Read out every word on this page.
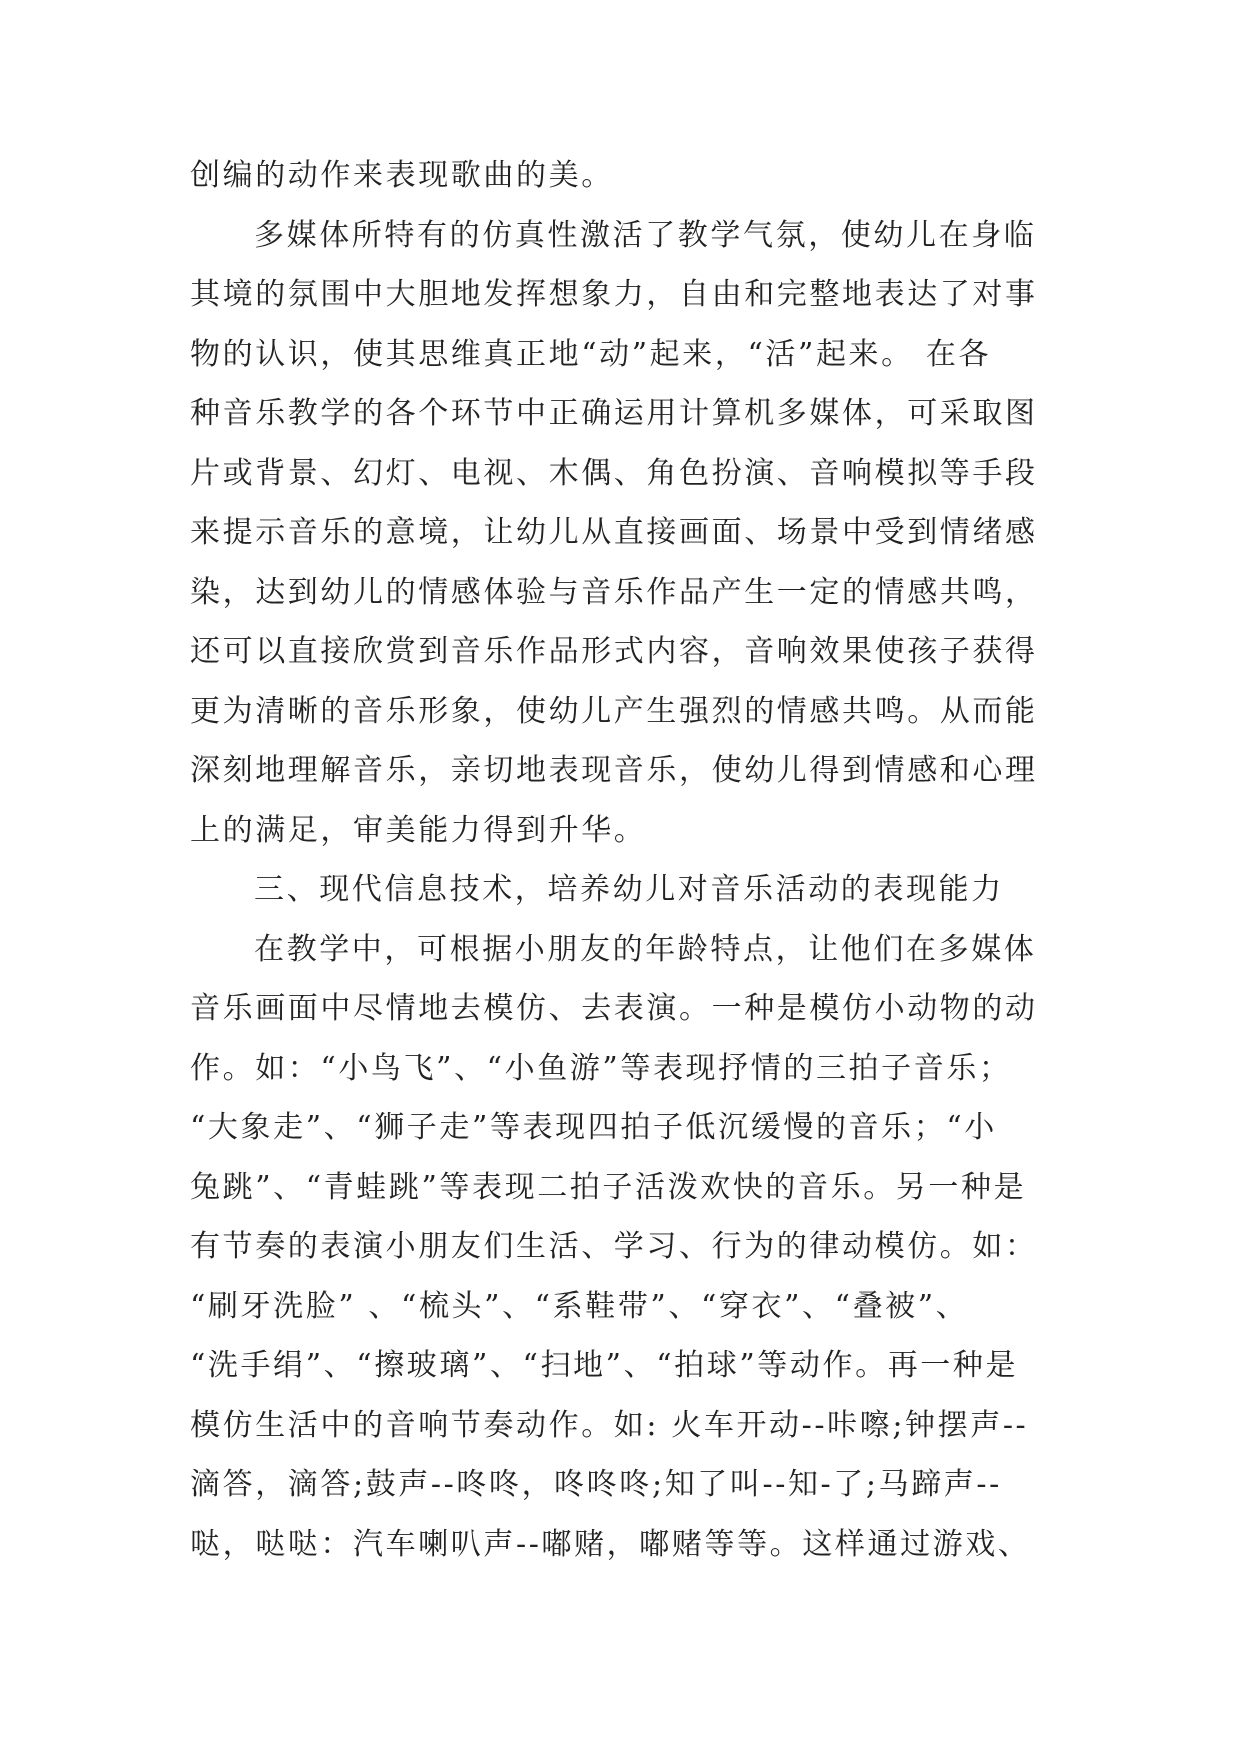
创编的动作来表现歌曲的美。
多媒体所特有的仿真性激活了教学气氛，使幼儿在身临
其境的氛围中大胆地发挥想象力，自由和完整地表达了对事
物的认识，使其思维真正地“动”起来，“活”起来。 在各
种音乐教学的各个环节中正确运用计算机多媒体，可采取图
片或背景、幻灯、电视、木偶、角色扮演、音响模拟等手段
来提示音乐的意境，让幼儿从直接画面、场景中受到情绪感
染，达到幼儿的情感体验与音乐作品产生一定的情感共鸣，
还可以直接欣赏到音乐作品形式内容，音响效果使孩子获得
更为清晰的音乐形象，使幼儿产生强烈的情感共鸣。从而能
深刻地理解音乐，亲切地表现音乐，使幼儿得到情感和心理
上的满足，审美能力得到升华。
三、现代信息技术，培养幼儿对音乐活动的表现能力
在教学中，可根据小朋友的年龄特点，让他们在多媒体
音乐画面中尽情地去模仿、去表演。一种是模仿小动物的动
作。如：“小鸟飞”、“小鱼游”等表现抒情的三拍子音乐；
“大象走”、“狮子走”等表现四拍子低沉缓慢的音乐；“小
兔跳”、“青蛙跳”等表现二拍子活泼欢快的音乐。另一种是
有节奏的表演小朋友们生活、学习、行为的律动模仿。如：
“刷牙洗脸” 、“梳头”、“系鞋带”、“穿衣”、“叠被”、
“洗手绢”、“擦玻璃”、“扫地”、“拍球”等动作。再一种是
模仿生活中的音响节奏动作。如: 火车开动--咔嚓;钟摆声--
滴答，滴答;鼓声--咚咚，咚咚咚;知了叫--知-了;马蹄声--
哒，哒哒：汽车喇叭声--嘟赌，嘟赌等等。这样通过游戏、
